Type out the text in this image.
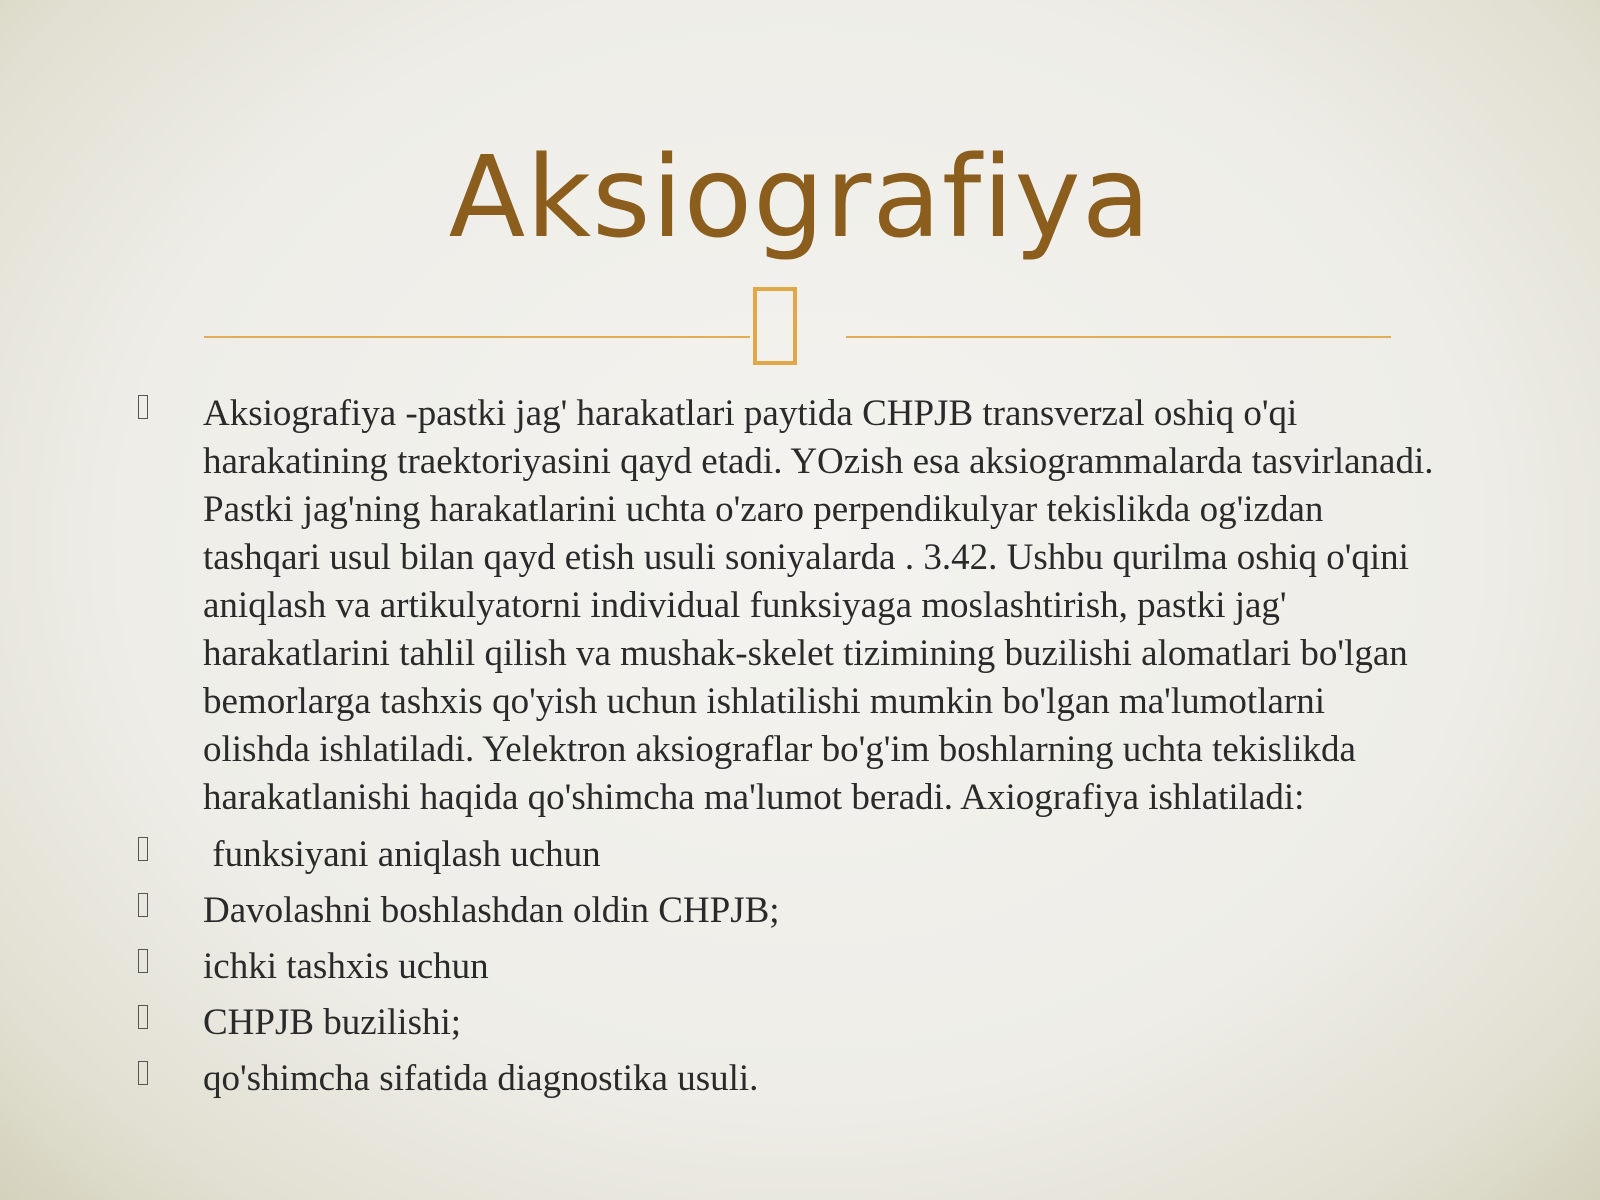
Aksiografiya
Aksiografiya -pastki jag' harakatlari paytida CHPJB transverzal oshiq o'qi harakatining traektoriyasini qayd etadi. YOzish esa aksiogrammalarda tasvirlanadi. Pastki jag'ning harakatlarini uchta o'zaro perpendikulyar tekislikda og'izdan tashqari usul bilan qayd etish usuli soniyalarda . 3.42. Ushbu qurilma oshiq o'qini aniqlash va artikulyatorni individual funksiyaga moslashtirish, pastki jag' harakatlarini tahlil qilish va mushak-skelet tizimining buzilishi alomatlari bo'lgan bemorlarga tashxis qo'yish uchun ishlatilishi mumkin bo'lgan ma'lumotlarni olishda ishlatiladi. Yelektron aksiograflar bo'g'im boshlarning uchta tekislikda harakatlanishi haqida qo'shimcha ma'lumot beradi. Axiografiya ishlatiladi:
funksiyani aniqlash uchun
Davolashni boshlashdan oldin CHPJB;
ichki tashxis uchun
CHPJB buzilishi;
qo'shimcha sifatida diagnostika usuli.
